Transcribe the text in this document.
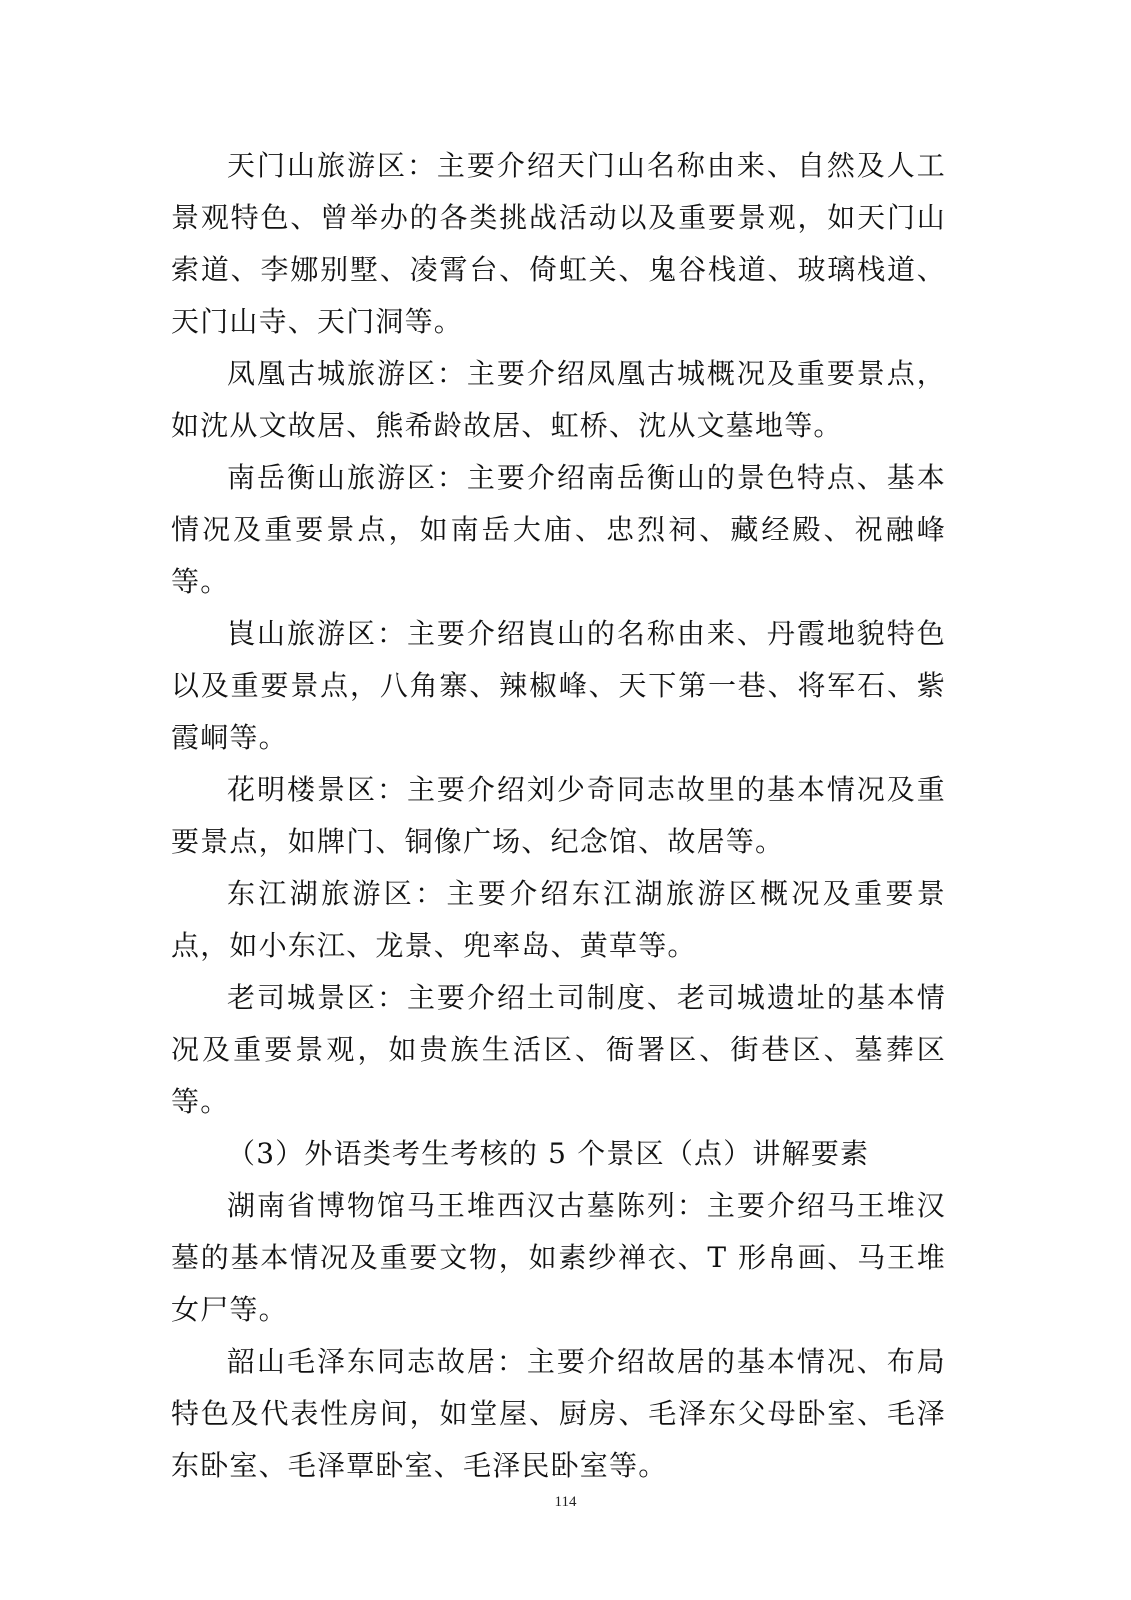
天门山旅游区：主要介绍天门山名称由来、自然及人工景观特色、曾举办的各类挑战活动以及重要景观，如天门山索道、李娜别墅、凌霄台、倚虹关、鬼谷栈道、玻璃栈道、天门山寺、天门洞等。

凤凰古城旅游区：主要介绍凤凰古城概况及重要景点，如沈从文故居、熊希龄故居、虹桥、沈从文墓地等。

南岳衡山旅游区：主要介绍南岳衡山的景色特点、基本情况及重要景点，如南岳大庙、忠烈祠、藏经殿、祝融峰等。

崀山旅游区：主要介绍崀山的名称由来、丹霞地貌特色以及重要景点，八角寨、辣椒峰、天下第一巷、将军石、紫霞峒等。

花明楼景区：主要介绍刘少奇同志故里的基本情况及重要景点，如牌门、铜像广场、纪念馆、故居等。

东江湖旅游区：主要介绍东江湖旅游区概况及重要景点，如小东江、龙景、兜率岛、黄草等。

老司城景区：主要介绍土司制度、老司城遗址的基本情况及重要景观，如贵族生活区、衙署区、街巷区、墓葬区等。

（3）外语类考生考核的 5 个景区（点）讲解要素

湖南省博物馆马王堆西汉古墓陈列：主要介绍马王堆汉墓的基本情况及重要文物，如素纱禅衣、T 形帛画、马王堆女尸等。

韶山毛泽东同志故居：主要介绍故居的基本情况、布局特色及代表性房间，如堂屋、厨房、毛泽东父母卧室、毛泽东卧室、毛泽覃卧室、毛泽民卧室等。

114
